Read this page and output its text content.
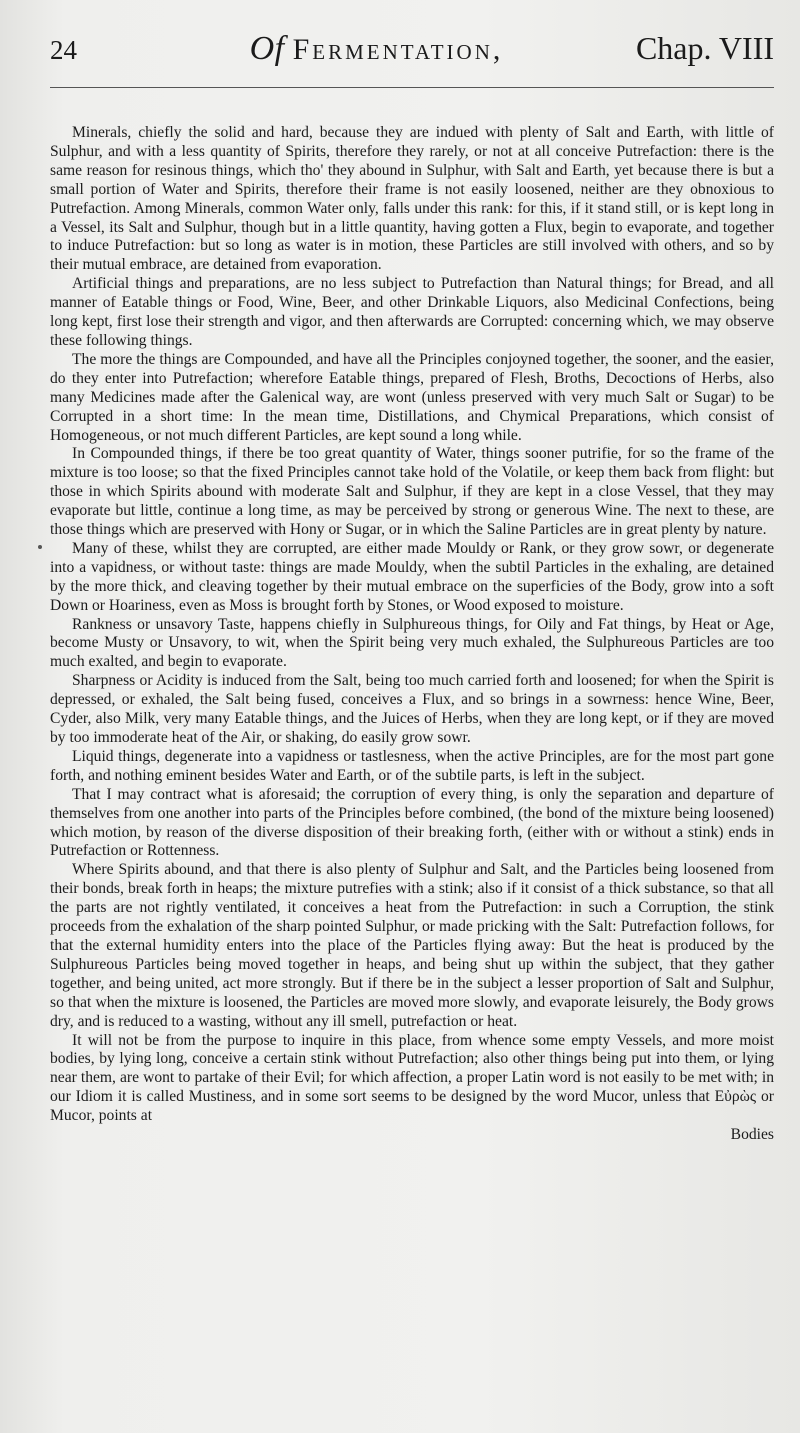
24	Of Fermentation,	Chap. VIII

Minerals, chiefly the solid and hard, because they are indued with plenty of Salt and Earth, with little of Sulphur, and with a less quantity of Spirits, therefore they rarely, or not at all conceive Putrefaction: there is the same reason for resinous things, which tho' they abound in Sulphur, with Salt and Earth, yet because there is but a small portion of Water and Spirits, therefore their frame is not easily loosened, neither are they obnoxious to Putrefaction. Among Minerals, common Water only, falls under this rank: for this, if it stand still, or is kept long in a Vessel, its Salt and Sulphur, though but in a little quantity, having gotten a Flux, begin to evaporate, and together to induce Putrefaction: but so long as water is in motion, these Particles are still involved with others, and so by their mutual embrace, are detained from evaporation.

Artificial things and preparations, are no less subject to Putrefaction than Natural things; for Bread, and all manner of Eatable things or Food, Wine, Beer, and other Drinkable Liquors, also Medicinal Confections, being long kept, first lose their strength and vigor, and then afterwards are Corrupted: concerning which, we may observe these following things.

The more the things are Compounded, and have all the Principles conjoyned together, the sooner, and the easier, do they enter into Putrefaction; wherefore Eatable things, prepared of Flesh, Broths, Decoctions of Herbs, also many Medicines made after the Galenical way, are wont (unless preserved with very much Salt or Sugar) to be Corrupted in a short time: In the mean time, Distillations, and Chymical Preparations, which consist of Homogeneous, or not much different Particles, are kept sound a long while.

In Compounded things, if there be too great quantity of Water, things sooner putrifie, for so the frame of the mixture is too loose; so that the fixed Principles cannot take hold of the Volatile, or keep them back from flight: but those in which Spirits abound with moderate Salt and Sulphur, if they are kept in a close Vessel, that they may evaporate but little, continue a long time, as may be perceived by strong or generous Wine. The next to these, are those things which are preserved with Hony or Sugar, or in which the Saline Particles are in great plenty by nature.

Many of these, whilst they are corrupted, are either made Mouldy or Rank, or they grow sowr, or degenerate into a vapidness, or without taste: things are made Mouldy, when the subtil Particles in the exhaling, are detained by the more thick, and cleaving together by their mutual embrace on the superficies of the Body, grow into a soft Down or Hoariness, even as Moss is brought forth by Stones, or Wood exposed to moisture.

Rankness or unsavory Taste, happens chiefly in Sulphureous things, for Oily and Fat things, by Heat or Age, become Musty or Unsavory, to wit, when the Spirit being very much exhaled, the Sulphureous Particles are too much exalted, and begin to evaporate.

Sharpness or Acidity is induced from the Salt, being too much carried forth and loosened; for when the Spirit is depressed, or exhaled, the Salt being fused, conceives a Flux, and so brings in a sowrness: hence Wine, Beer, Cyder, also Milk, very many Eatable things, and the Juices of Herbs, when they are long kept, or if they are moved by too immoderate heat of the Air, or shaking, do easily grow sowr.

Liquid things, degenerate into a vapidness or tastlesness, when the active Principles, are for the most part gone forth, and nothing eminent besides Water and Earth, or of the subtile parts, is left in the subject.

That I may contract what is aforesaid; the corruption of every thing, is only the separation and departure of themselves from one another into parts of the Principles before combined, (the bond of the mixture being loosened) which motion, by reason of the diverse disposition of their breaking forth, (either with or without a stink) ends in Putrefaction or Rottenness.

Where Spirits abound, and that there is also plenty of Sulphur and Salt, and the Particles being loosened from their bonds, break forth in heaps; the mixture putrefies with a stink; also if it consist of a thick substance, so that all the parts are not rightly ventilated, it conceives a heat from the Putrefaction: in such a Corruption, the stink proceeds from the exhalation of the sharp pointed Sulphur, or made pricking with the Salt: Putrefaction follows, for that the external humidity enters into the place of the Particles flying away: But the heat is produced by the Sulphureous Particles being moved together in heaps, and being shut up within the subject, that they gather together, and being united, act more strongly. But if there be in the subject a lesser proportion of Salt and Sulphur, so that when the mixture is loosened, the Particles are moved more slowly, and evaporate leisurely, the Body grows dry, and is reduced to a wasting, without any ill smell, putrefaction or heat.

It will not be from the purpose to inquire in this place, from whence some empty Vessels, and more moist bodies, by lying long, conceive a certain stink without Putrefaction; also other things being put into them, or lying near them, are wont to partake of their Evil; for which affection, a proper Latin word is not easily to be met with; in our Idiom it is called Mustiness, and in some sort seems to be designed by the word Mucor, unless that Εὐρὼς or Mucor, points at

Bodies
